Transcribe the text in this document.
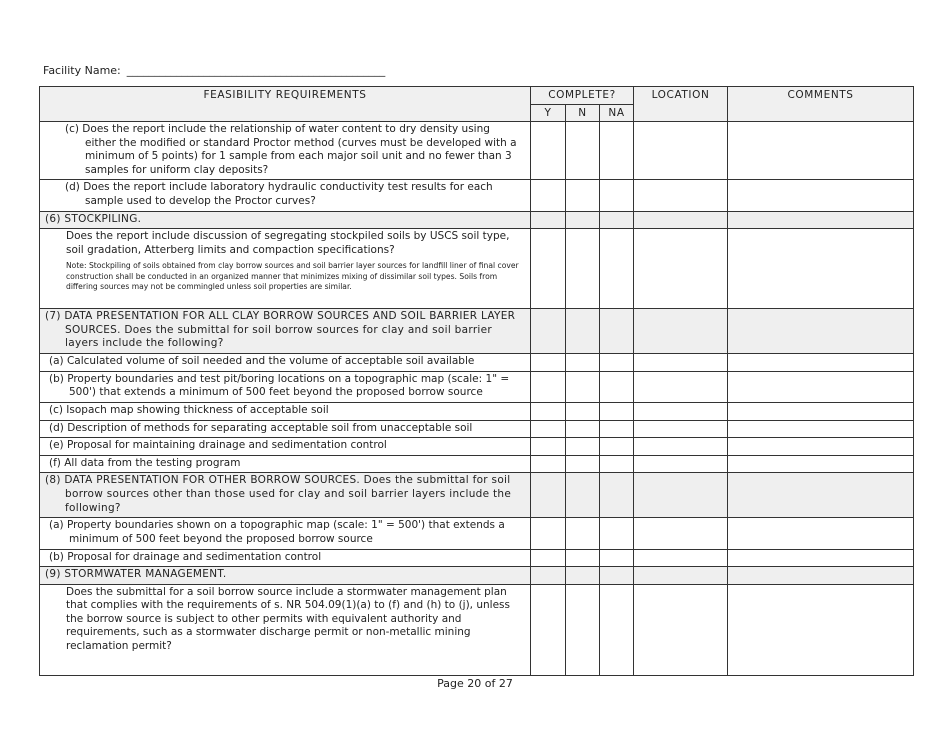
Facility Name: _______________________________________________
FEASIBILITY REQUIREMENTS	COMPLETE?			LOCATION	COMMENTS
	Y	N	NA		

(c) Does the report include the relationship of water content to dry density using either the modified or standard Proctor method (curves must be developed with a minimum of 5 points) for 1 sample from each major soil unit and no fewer than 3 samples for uniform clay deposits?					

(d) Does the report include laboratory hydraulic conductivity test results for each sample used to develop the Proctor curves?					

(6) STOCKPILING.					

Does the report include discussion of segregating stockpiled soils by USCS soil type, soil gradation, Atterberg limits and compaction specifications?
Note: Stockpiling of soils obtained from clay borrow sources and soil barrier layer sources for landfill liner of final cover construction shall be conducted in an organized manner that minimizes mixing of dissimilar soil types. Soils from differing sources may not be commingled unless soil properties are similar.					

(7) DATA PRESENTATION FOR ALL CLAY BORROW SOURCES AND SOIL BARRIER LAYER SOURCES. Does the submittal for soil borrow sources for clay and soil barrier layers include the following?					

(a) Calculated volume of soil needed and the volume of acceptable soil available					

(b) Property boundaries and test pit/boring locations on a topographic map (scale: 1" = 500') that extends a minimum of 500 feet beyond the proposed borrow source					

(c) Isopach map showing thickness of acceptable soil					

(d) Description of methods for separating acceptable soil from unacceptable soil					

(e) Proposal for maintaining drainage and sedimentation control					

(f) All data from the testing program					

(8) DATA PRESENTATION FOR OTHER BORROW SOURCES. Does the submittal for soil borrow sources other than those used for clay and soil barrier layers include the following?					

(a) Property boundaries shown on a topographic map (scale: 1" = 500') that extends a minimum of 500 feet beyond the proposed borrow source					

(b) Proposal for drainage and sedimentation control					

(9) STORMWATER MANAGEMENT.					

Does the submittal for a soil borrow source include a stormwater management plan that complies with the requirements of s. NR 504.09(1)(a) to (f) and (h) to (j), unless the borrow source is subject to other permits with equivalent authority and requirements, such as a stormwater discharge permit or non-metallic mining reclamation permit?					

Page 20 of 27
